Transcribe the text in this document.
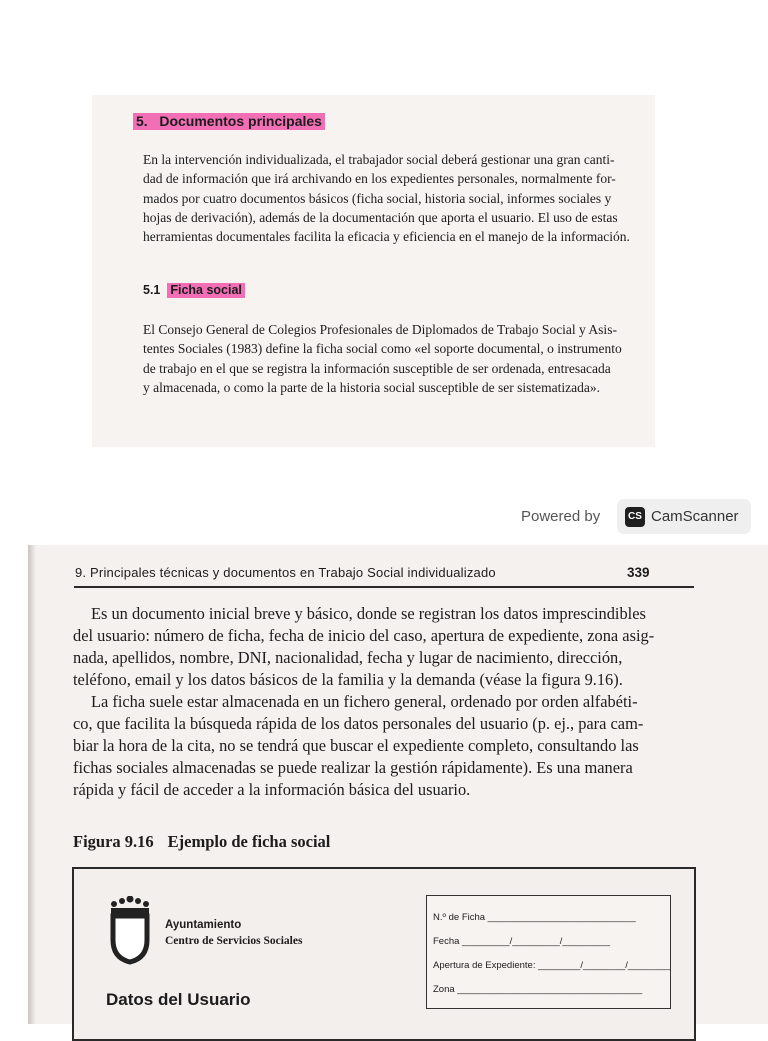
5. Documentos principales
En la intervención individualizada, el trabajador social deberá gestionar una gran canti-
dad de información que irá archivando en los expedientes personales, normalmente for-
mados por cuatro documentos básicos (ficha social, historia social, informes sociales y
hojas de derivación), además de la documentación que aporta el usuario. El uso de estas
herramientas documentales facilita la eficacia y eficiencia en el manejo de la información.
5.1 Ficha social
El Consejo General de Colegios Profesionales de Diplomados de Trabajo Social y Asis-
tentes Sociales (1983) define la ficha social como «el soporte documental, o instrumento
de trabajo en el que se registra la información susceptible de ser ordenada, entresacada
y almacenada, o como la parte de la historia social susceptible de ser sistematizada».
Powered by	CS CamScanner
9. Principales técnicas y documentos en Trabajo Social individualizado	339
Es un documento inicial breve y básico, donde se registran los datos imprescindibles
del usuario: número de ficha, fecha de inicio del caso, apertura de expediente, zona asig-
nada, apellidos, nombre, DNI, nacionalidad, fecha y lugar de nacimiento, dirección,
teléfono, email y los datos básicos de la familia y la demanda (véase la figura 9.16).
La ficha suele estar almacenada en un fichero general, ordenado por orden alfabéti-
co, que facilita la búsqueda rápida de los datos personales del usuario (p. ej., para cam-
biar la hora de la cita, no se tendrá que buscar el expediente completo, consultando las
fichas sociales almacenadas se puede realizar la gestión rápidamente). Es una manera
rápida y fácil de acceder a la información básica del usuario.
Figura 9.16 Ejemplo de ficha social
Ayuntamiento
Centro de Servicios Sociales
Datos del Usuario
N.º de Ficha ____________________________
Fecha _________/_________/_________
Apertura de Expediente: ________/________/________
Zona ___________________________________
